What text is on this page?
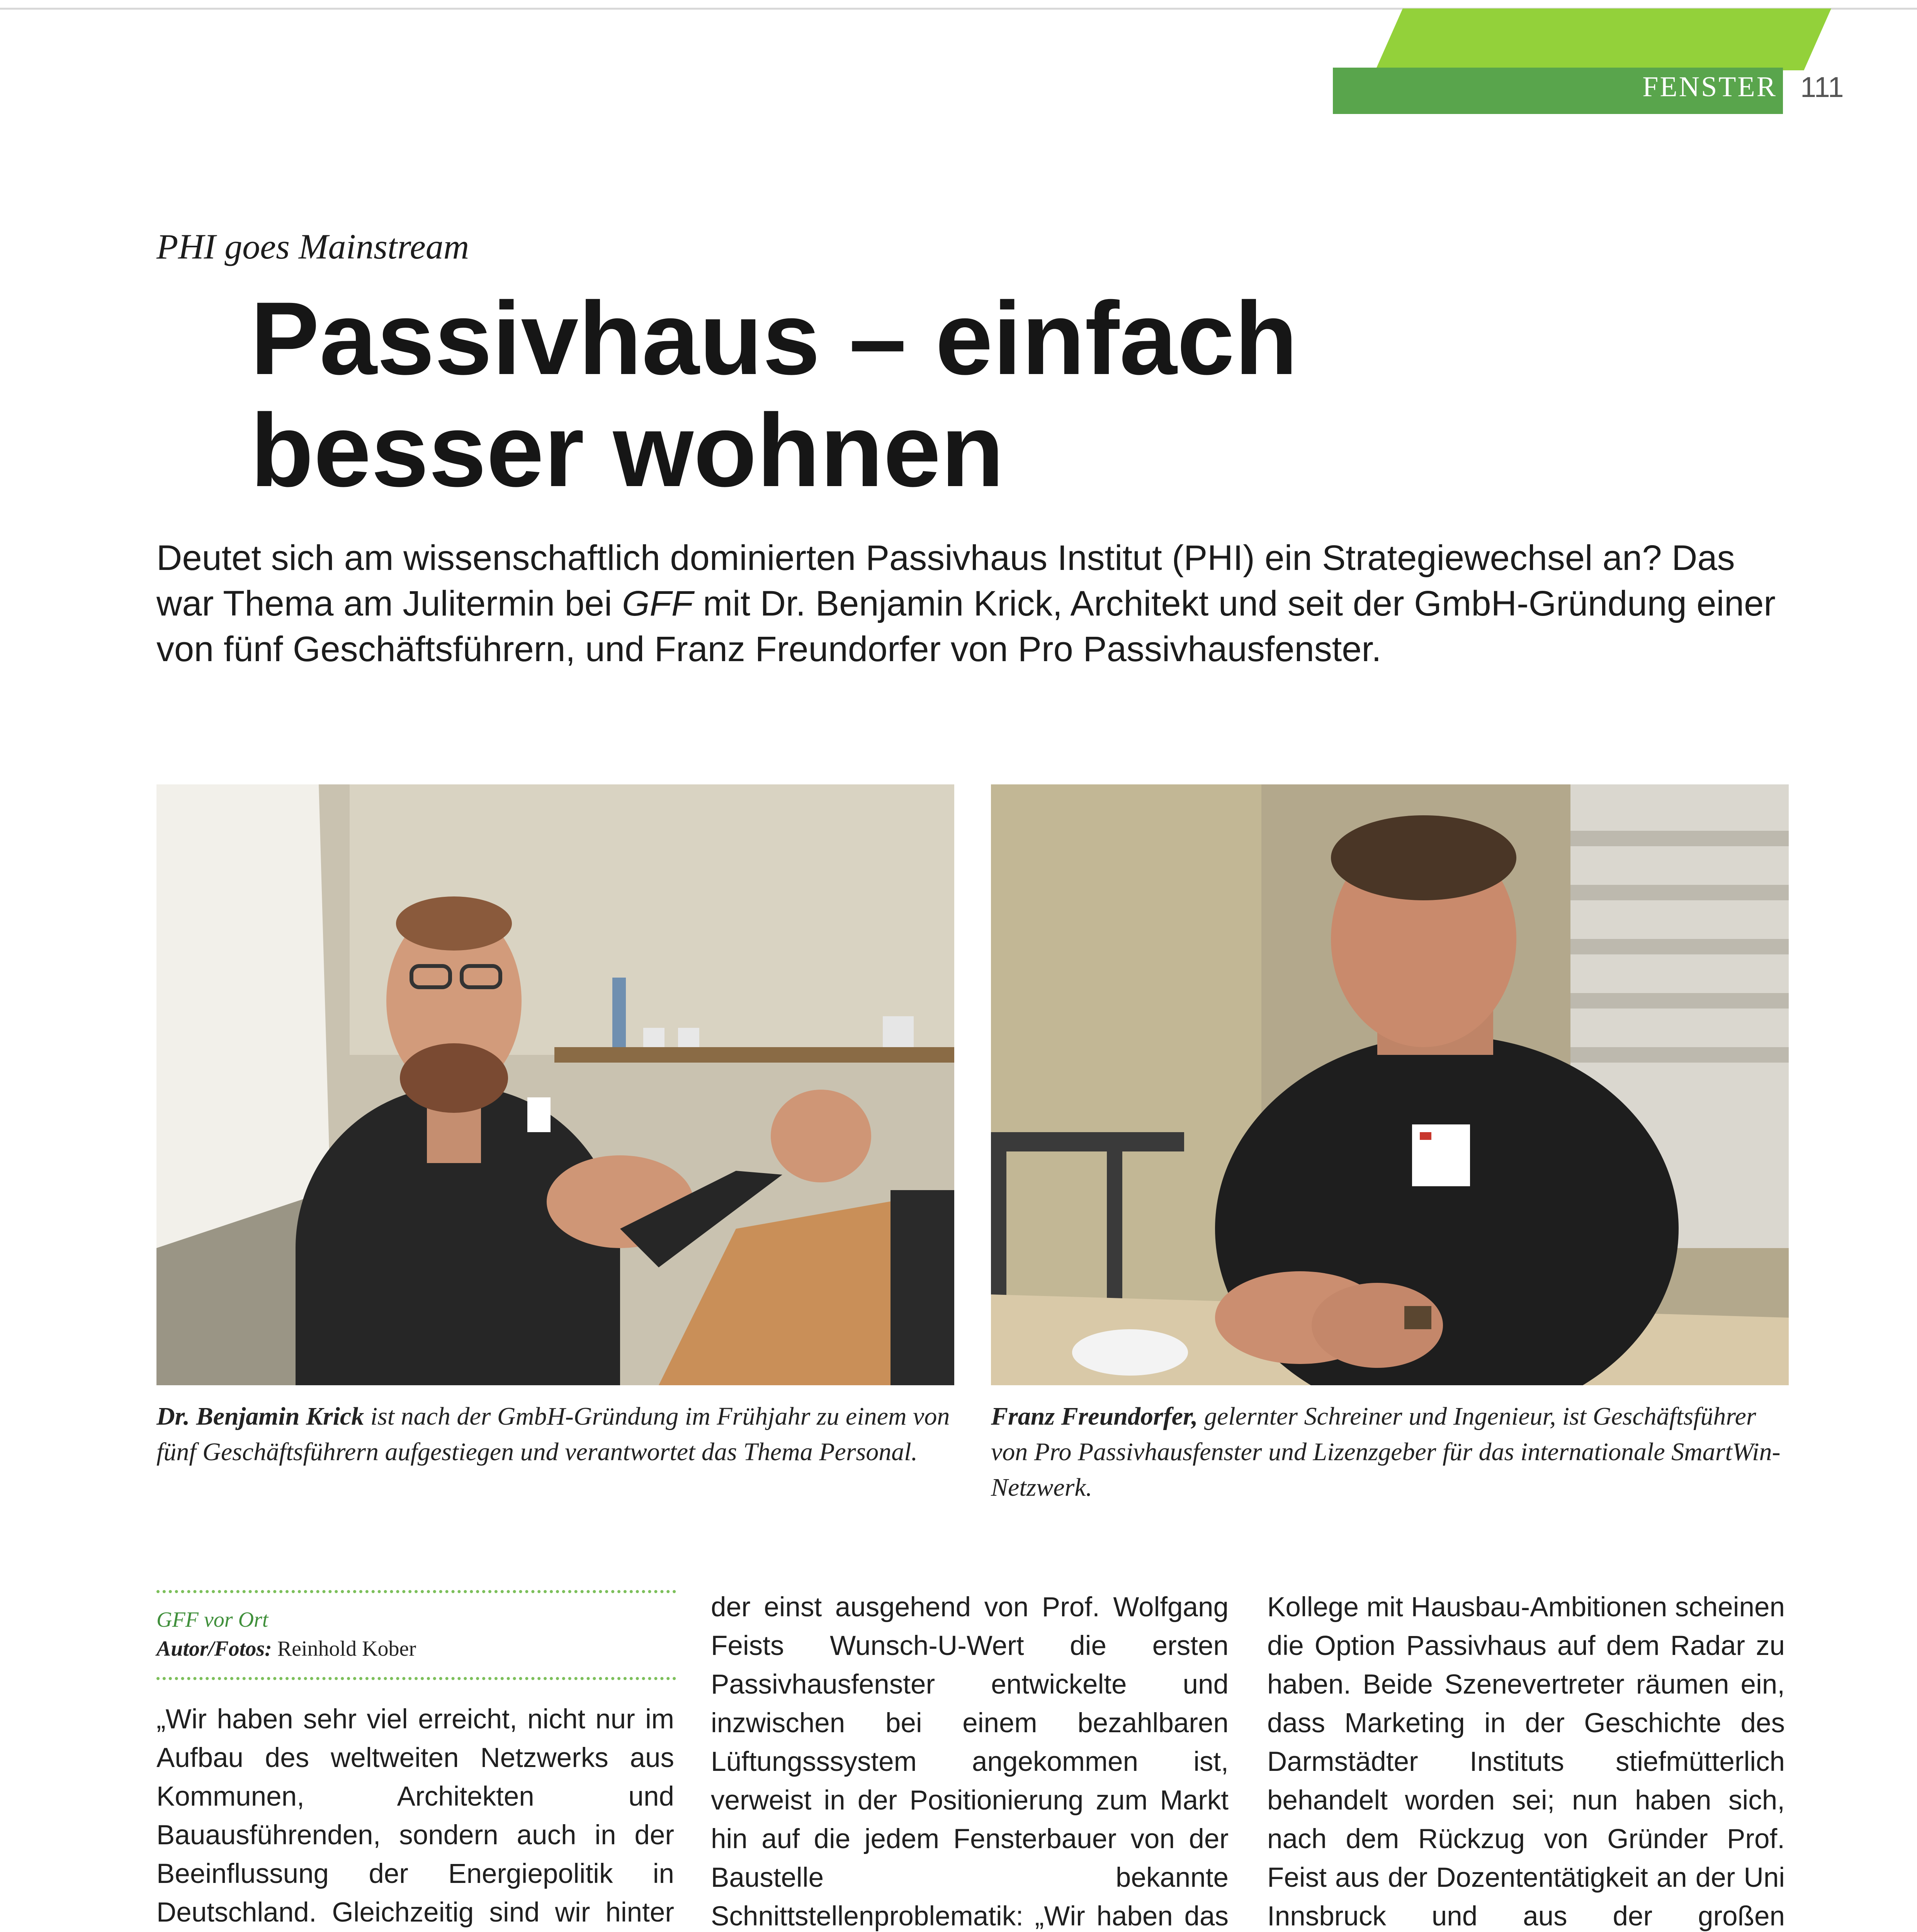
FENSTER 111
PHI goes Mainstream
Passivhaus – einfach
besser wohnen
Deutet sich am wissenschaftlich dominierten Passivhaus Institut (PHI) ein Strategiewechsel an? Das war Thema am Julitermin bei GFF mit Dr. Benjamin Krick, Architekt und seit der GmbH-Gründung einer von fünf Geschäftsführern, und Franz Freundorfer von Pro Passivhausfenster.
Dr. Benjamin Krick ist nach der GmbH-Gründung im Frühjahr zu einem von fünf Geschäftsführern aufgestiegen und verantwortet das Thema Personal.
Franz Freundorfer, gelernter Schreiner und Ingenieur, ist Geschäftsführer von Pro Passivhausfenster und Lizenzgeber für das internationale SmartWin-Netzwerk.
GFF vor Ort
Autor/Fotos: Reinhold Kober

„Wir haben sehr viel erreicht, nicht nur im Aufbau des weltweiten Netzwerks aus Kommunen, Architekten und Bauausführenden, sondern auch in der Beeinflussung der Energiepolitik in Deutschland. Gleichzeitig sind wir hinter

der einst ausgehend von Prof. Wolfgang Feists Wunsch-U-Wert die ersten Passivhausfenster entwickelte und inzwischen bei einem bezahlbaren Lüftungsssystem angekommen ist, verweist in der Positionierung zum Markt hin auf die jedem Fensterbauer von der Baustelle bekannte Schnittstellenproblematik: „Wir haben das

Kollege mit Hausbau-Ambitionen scheinen die Option Passivhaus auf dem Radar zu haben. Beide Szenevertreter räumen ein, dass Marketing in der Geschichte des Darmstädter Instituts stiefmütterlich behandelt worden sei; nun haben sich, nach dem Rückzug von Gründer Prof. Feist aus der Dozententätigkeit an der Uni Innsbruck und aus der großen
